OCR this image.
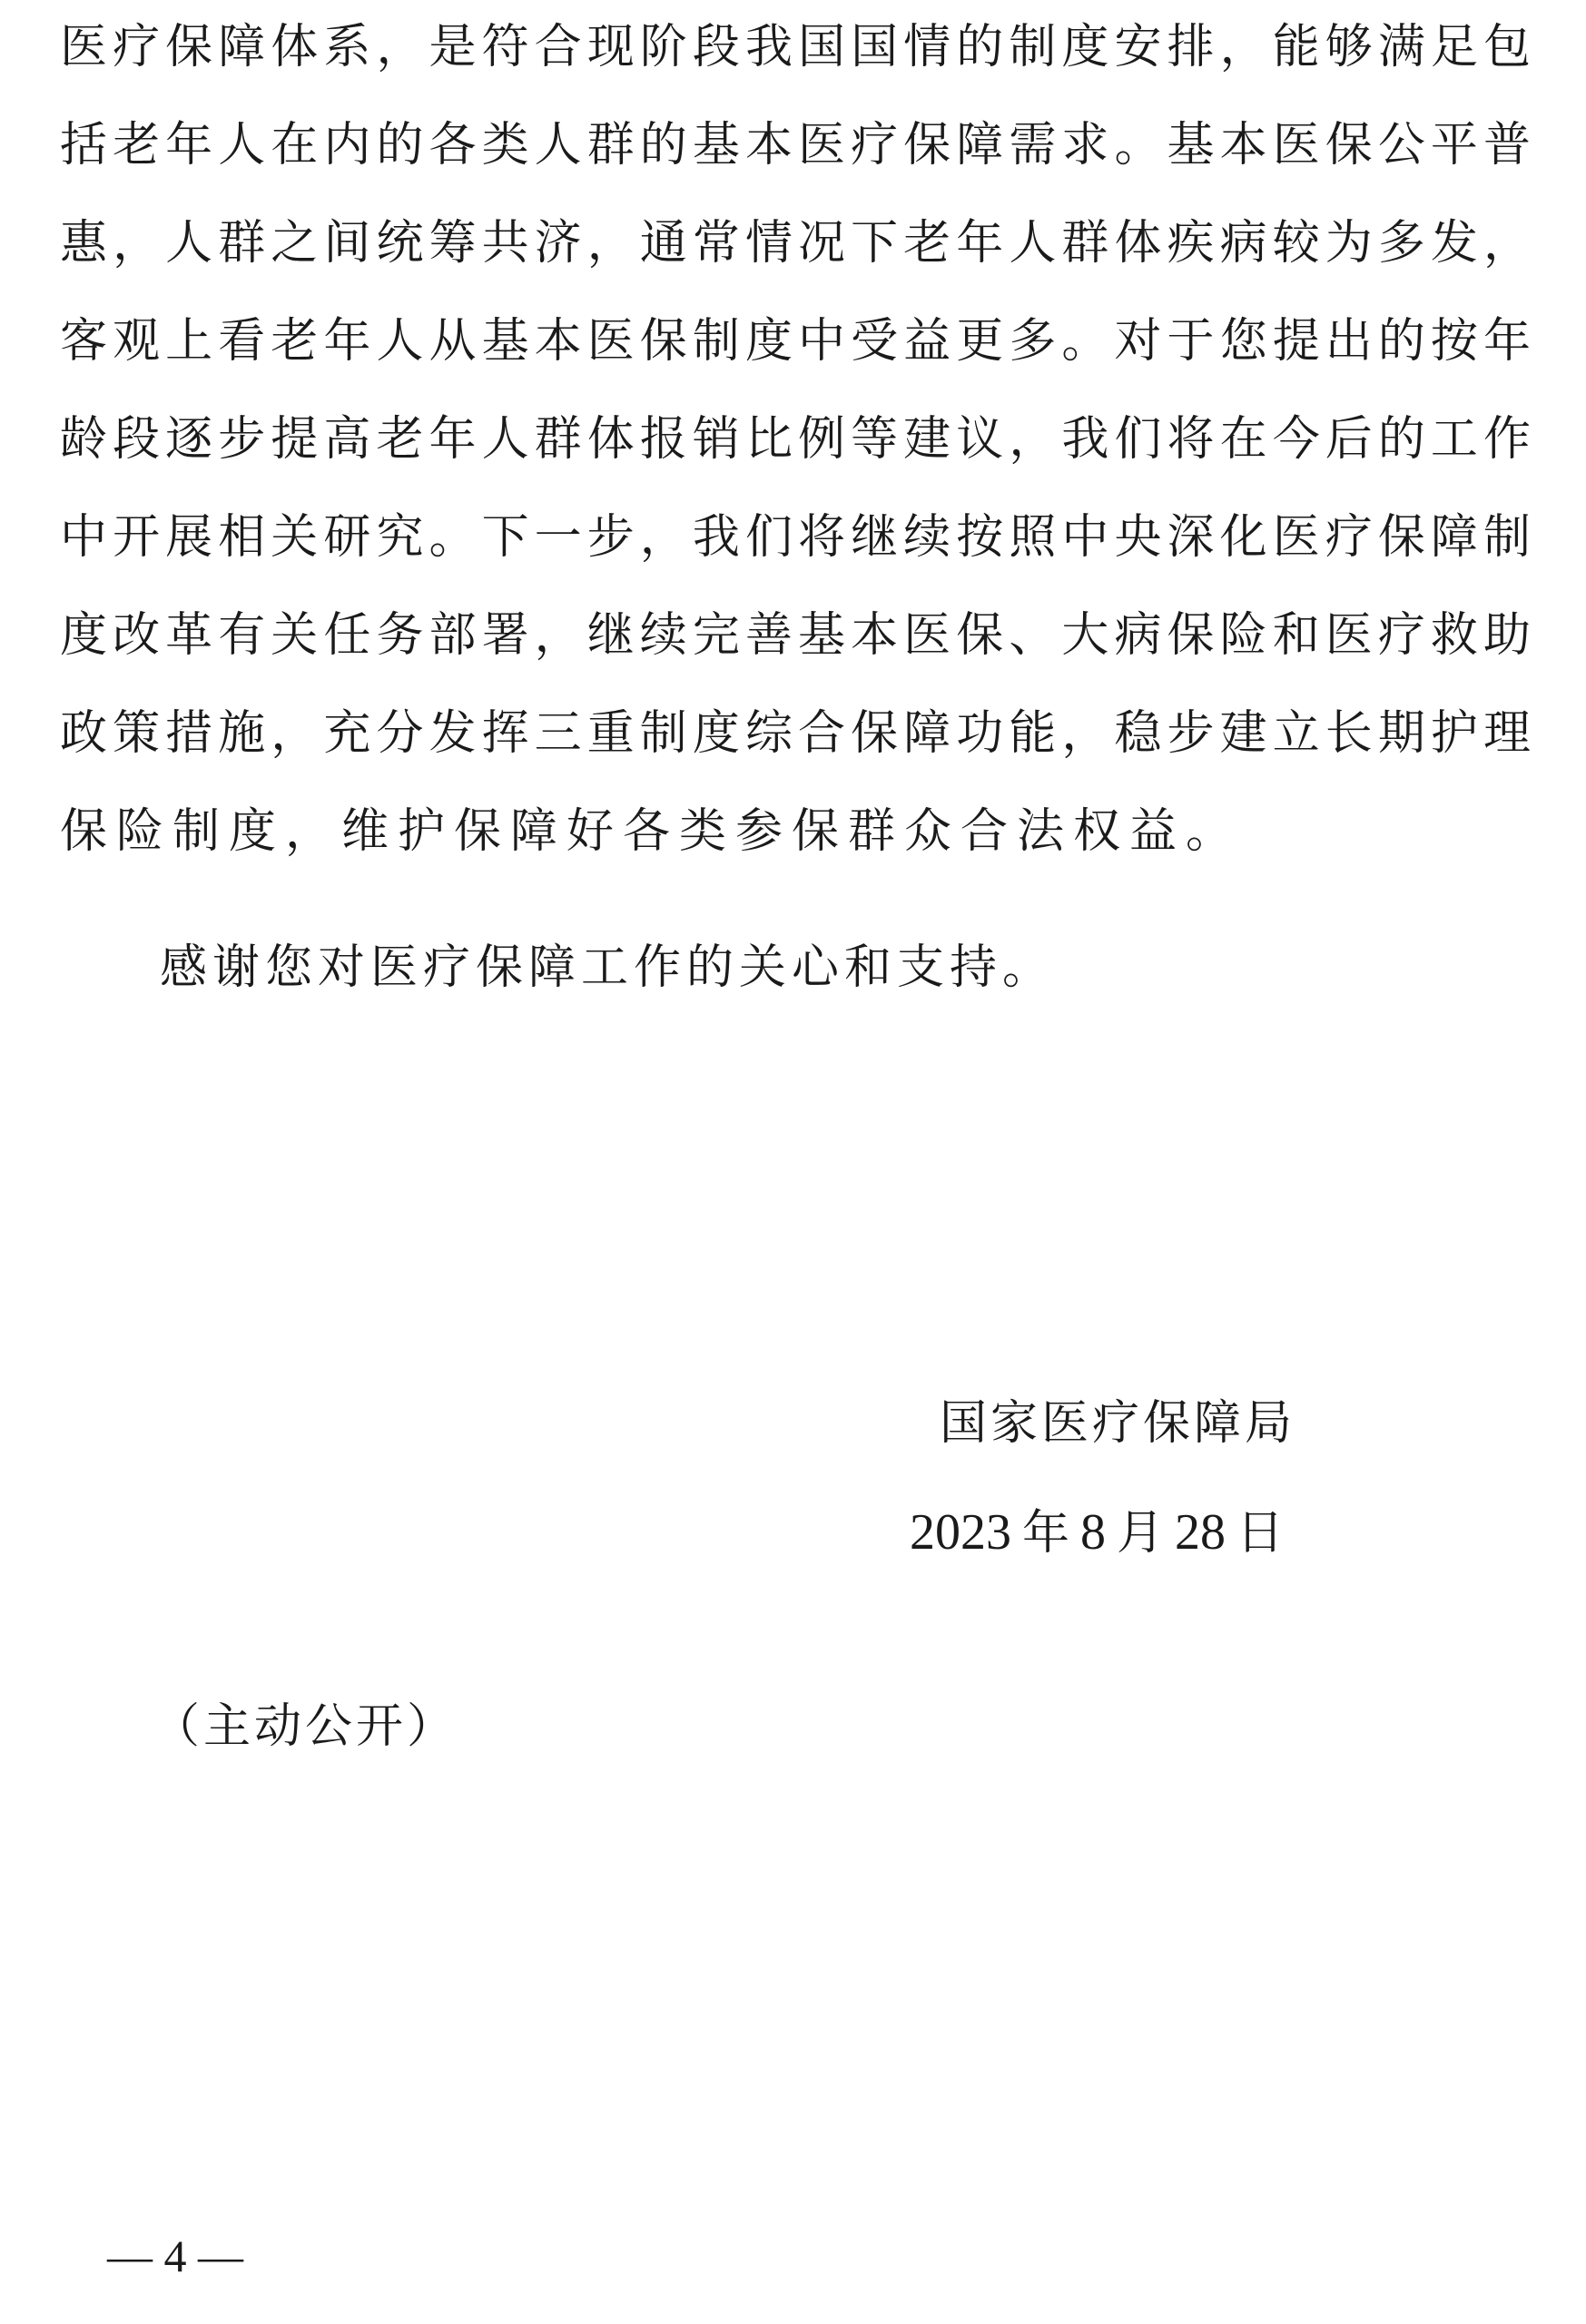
医疗保障体系，是符合现阶段我国国情的制度安排，能够满足包
括老年人在内的各类人群的基本医疗保障需求。基本医保公平普
惠，人群之间统筹共济，通常情况下老年人群体疾病较为多发，
客观上看老年人从基本医保制度中受益更多。对于您提出的按年
龄段逐步提高老年人群体报销比例等建议，我们将在今后的工作
中开展相关研究。下一步，我们将继续按照中央深化医疗保障制
度改革有关任务部署，继续完善基本医保、大病保险和医疗救助
政策措施，充分发挥三重制度综合保障功能，稳步建立长期护理
保险制度，维护保障好各类参保群众合法权益。
感谢您对医疗保障工作的关心和支持。
国家医疗保障局
2023 年 8 月 28 日
（主动公开）
— 4 —
